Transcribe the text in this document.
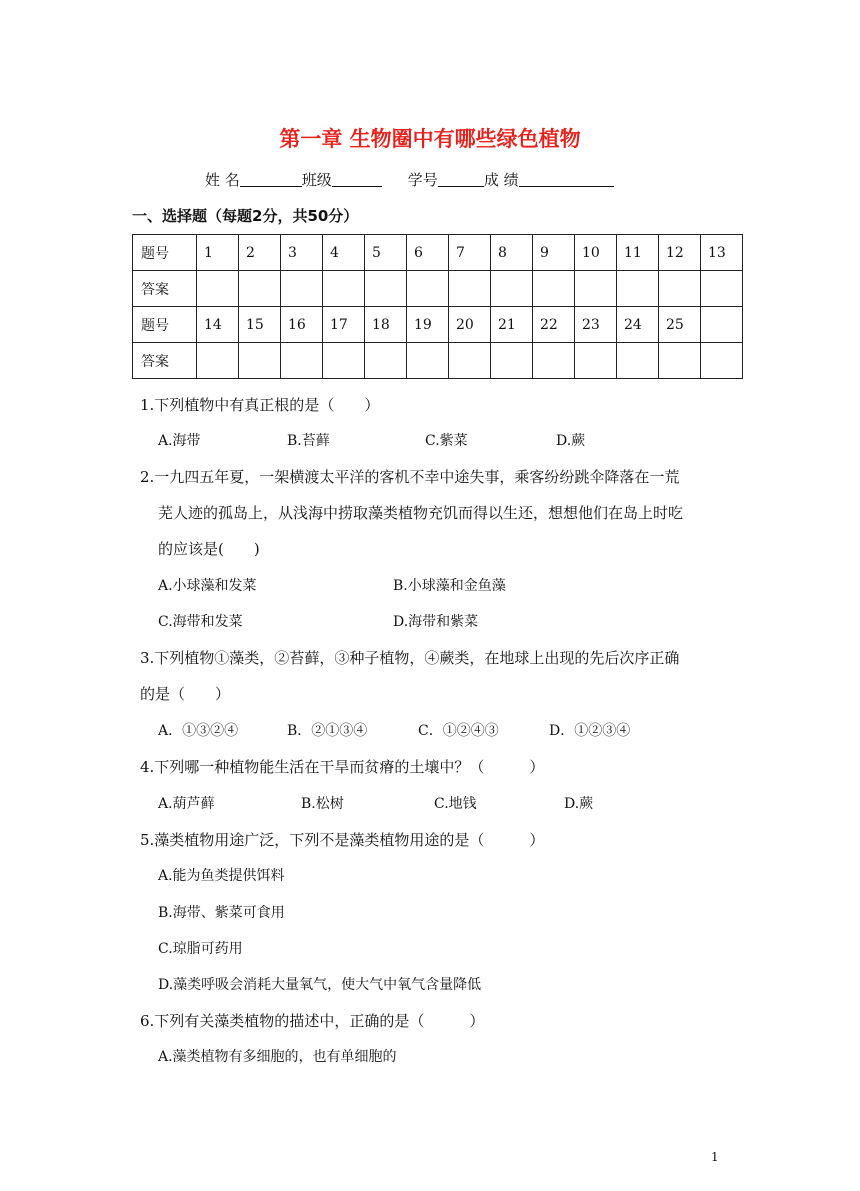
第一章 生物圈中有哪些绿色植物
姓 名	班级	学号	成 绩
一、选择题（每题2分，共50分）
题号	1	2	3	4	5	6	7	8	9	10	11	12	13
答案													
题号	14	15	16	17	18	19	20	21	22	23	24	25	
答案													
1.下列植物中有真正根的是（　　）
A.海带	B.苔藓	C.紫菜	D.蕨
2.一九四五年夏，一架横渡太平洋的客机不幸中途失事，乘客纷纷跳伞降落在一荒
芜人迹的孤岛上，从浅海中捞取藻类植物充饥而得以生还，想想他们在岛上时吃
的应该是(　　)
A.小球藻和发菜	B.小球藻和金鱼藻
C.海带和发菜	D.海带和紫菜
3.下列植物①藻类，②苔藓，③种子植物，④蕨类，在地球上出现的先后次序正确
的是（　　）
A．①③②④	B．②①③④	C．①②④③	D．①②③④
4.下列哪一种植物能生活在干旱而贫瘠的土壤中？（　　　）
A.葫芦藓	B.松树	C.地钱	D.蕨
5.藻类植物用途广泛，下列不是藻类植物用途的是（　　　）
A.能为鱼类提供饵料
B.海带、紫菜可食用
C.琼脂可药用
D.藻类呼吸会消耗大量氧气，使大气中氧气含量降低
6.下列有关藻类植物的描述中，正确的是（　　　）
A.藻类植物有多细胞的，也有单细胞的
1
